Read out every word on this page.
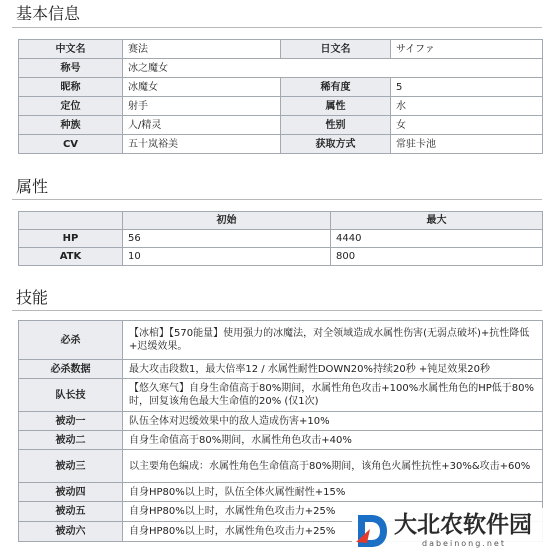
基本信息
中文名	赛法	日文名	サイファ
称号	冰之魔女		
昵称	冰魔女	稀有度	5
定位	射手	属性	水
种族	人/精灵	性别	女
CV	五十岚裕美	获取方式	常驻卡池
属性
	初始	最大
HP	56	4440
ATK	10	800
技能
必杀	【冰棺】【570能量】使用强力的冰魔法，对全领域造成水属性伤害(无弱点破坏)+抗性降低+迟缓效果。
必杀数据	最大攻击段数1，最大倍率12 / 水属性耐性DOWN20%持续20秒 +钝足效果20秒
队长技	【悠久寒气】自身生命值高于80%期间，水属性角色攻击+100%水属性角色的HP低于80%时，回复该角色最大生命值的20% (仅1次)
被动一	队伍全体对迟缓效果中的敌人造成伤害+10%
被动二	自身生命值高于80%期间，水属性角色攻击+40%
被动三	以主要角色编成：水属性角色生命值高于80%期间，该角色火属性抗性+30%&攻击+60%
被动四	自身HP80%以上时，队伍全体火属性耐性+15%
被动五	自身HP80%以上时，水属性角色攻击力+25%
被动六	自身HP80%以上时，水属性角色攻击力+25%	大北农软件园
dabeinong.net
